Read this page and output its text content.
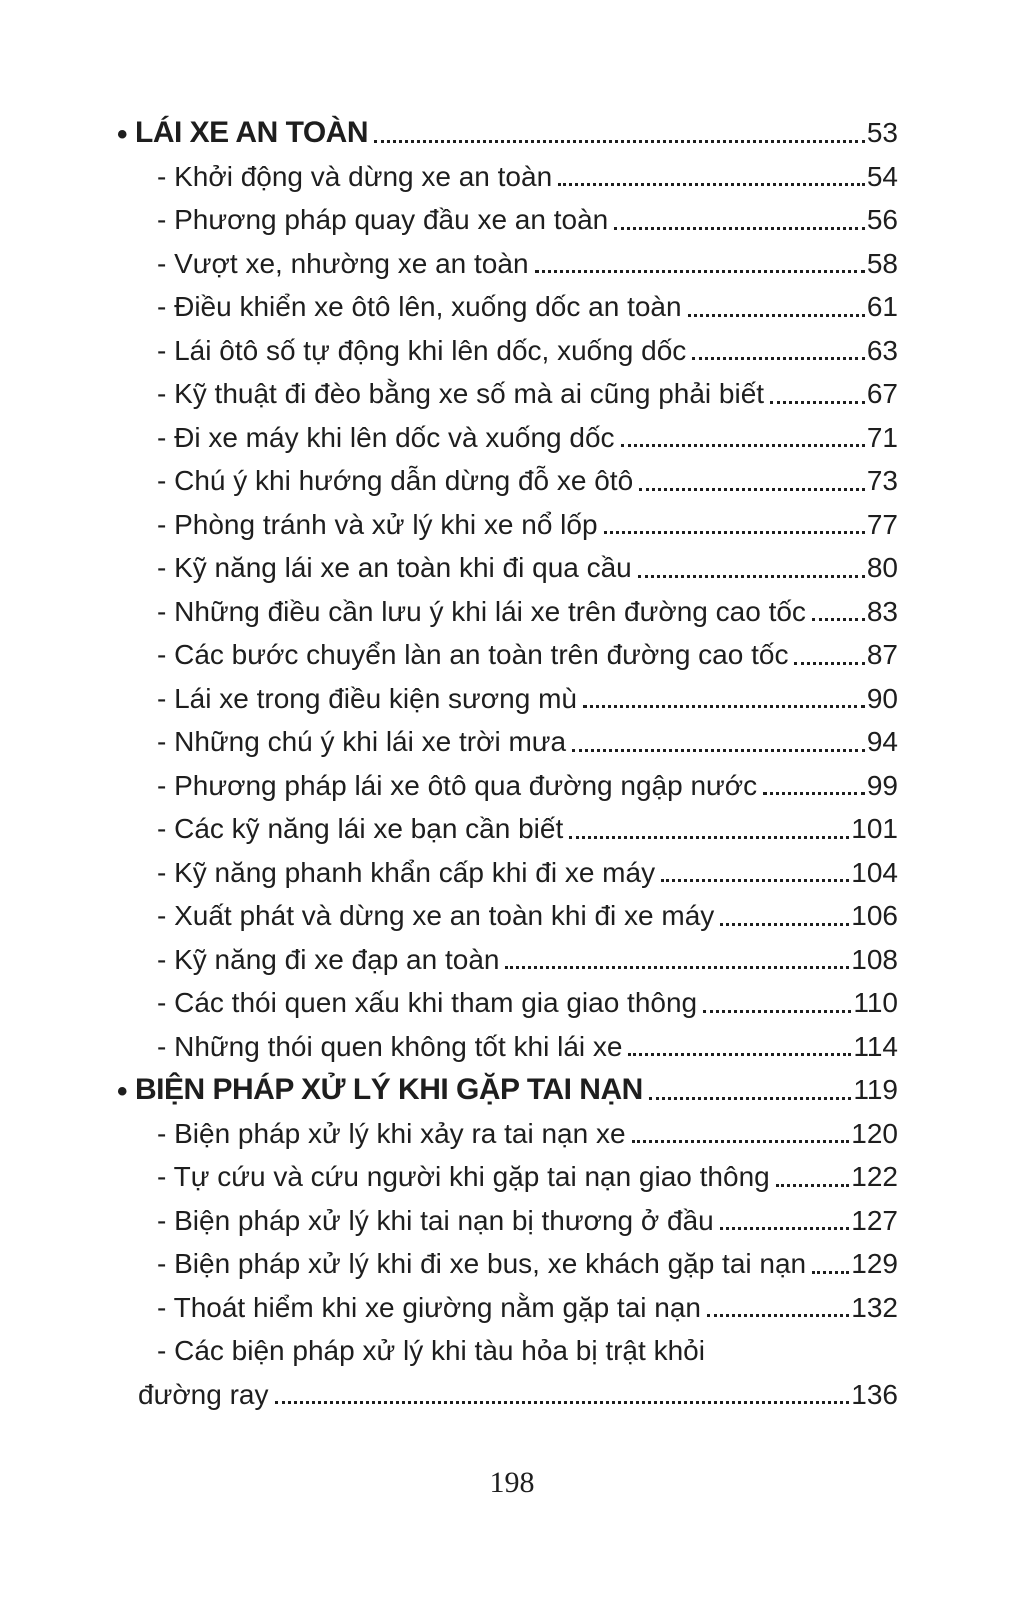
• LÁI XE AN TOÀN	53
- Khởi động và dừng xe an toàn	54
- Phương pháp quay đầu xe an toàn	56
- Vượt xe, nhường xe an toàn	58
- Điều khiển xe ôtô lên, xuống dốc an toàn	61
- Lái ôtô số tự động khi lên dốc, xuống dốc	63
- Kỹ thuật đi đèo bằng xe số mà ai cũng phải biết	67
- Đi xe máy khi lên dốc và xuống dốc	71
- Chú ý khi hướng dẫn dừng đỗ xe ôtô	73
- Phòng tránh và xử lý khi xe nổ lốp	77
- Kỹ năng lái xe an toàn khi đi qua cầu	80
- Những điều cần lưu ý khi lái xe trên đường cao tốc 83
- Các bước chuyển làn an toàn trên đường cao tốc	87
- Lái xe trong điều kiện sương mù	90
- Những chú ý khi lái xe trời mưa	94
- Phương pháp lái xe ôtô qua đường ngập nước	99
- Các kỹ năng lái xe bạn cần biết	101
- Kỹ năng phanh khẩn cấp khi đi xe máy	104
- Xuất phát và dừng xe an toàn khi đi xe máy	106
- Kỹ năng đi xe đạp an toàn	108
- Các thói quen xấu khi tham gia giao thông	110
- Những thói quen không tốt khi lái xe	114
• BIỆN PHÁP XỬ LÝ KHI GẶP TAI NẠN	119
- Biện pháp xử lý khi xảy ra tai nạn xe	120
- Tự cứu và cứu người khi gặp tai nạn giao thông	122
- Biện pháp xử lý khi tai nạn bị thương ở đầu	127
- Biện pháp xử lý khi đi xe bus, xe khách gặp tai nạn 129
- Thoát hiểm khi xe giường nằm gặp tai nạn	132
- Các biện pháp xử lý khi tàu hỏa bị trật khỏi
đường ray	136
198
